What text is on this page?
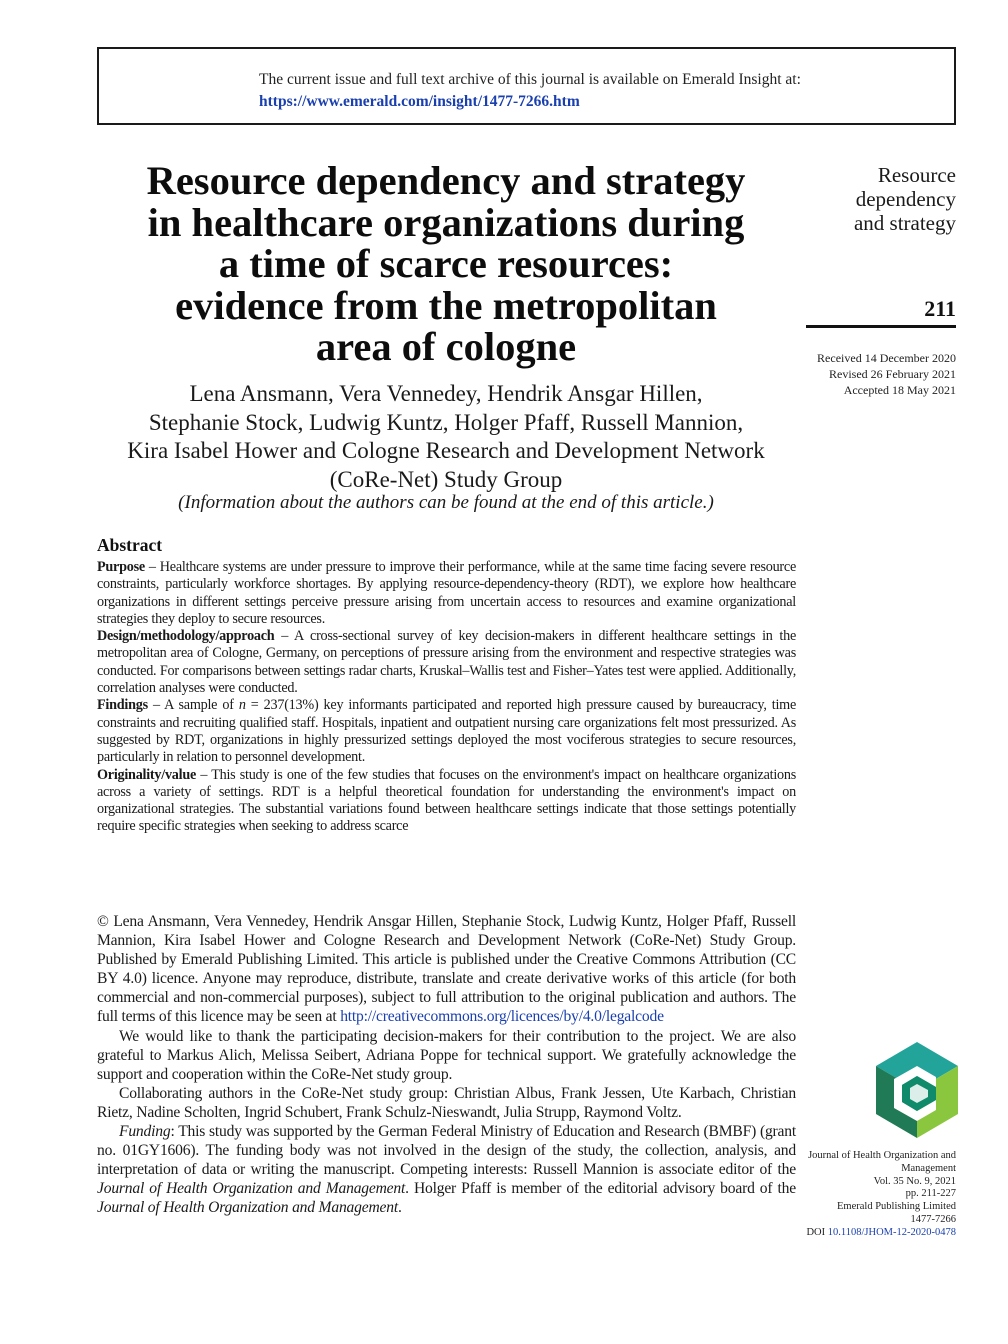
The current issue and full text archive of this journal is available on Emerald Insight at:
https://www.emerald.com/insight/1477-7266.htm
Resource dependency and strategy
in healthcare organizations during
a time of scarce resources:
evidence from the metropolitan
area of cologne
Lena Ansmann, Vera Vennedey, Hendrik Ansgar Hillen,
Stephanie Stock, Ludwig Kuntz, Holger Pfaff, Russell Mannion,
Kira Isabel Hower and Cologne Research and Development Network
(CoRe-Net) Study Group
(Information about the authors can be found at the end of this article.)
Resource
dependency
and strategy
211
Received 14 December 2020
Revised 26 February 2021
Accepted 18 May 2021
Abstract
Purpose – Healthcare systems are under pressure to improve their performance, while at the same time facing severe resource constraints, particularly workforce shortages. By applying resource-dependency-theory (RDT), we explore how healthcare organizations in different settings perceive pressure arising from uncertain access to resources and examine organizational strategies they deploy to secure resources.
Design/methodology/approach – A cross-sectional survey of key decision-makers in different healthcare settings in the metropolitan area of Cologne, Germany, on perceptions of pressure arising from the environment and respective strategies was conducted. For comparisons between settings radar charts, Kruskal–Wallis test and Fisher–Yates test were applied. Additionally, correlation analyses were conducted.
Findings – A sample of n = 237(13%) key informants participated and reported high pressure caused by bureaucracy, time constraints and recruiting qualified staff. Hospitals, inpatient and outpatient nursing care organizations felt most pressurized. As suggested by RDT, organizations in highly pressurized settings deployed the most vociferous strategies to secure resources, particularly in relation to personnel development.
Originality/value – This study is one of the few studies that focuses on the environment's impact on healthcare organizations across a variety of settings. RDT is a helpful theoretical foundation for understanding the environment's impact on organizational strategies. The substantial variations found between healthcare settings indicate that those settings potentially require specific strategies when seeking to address scarce

© Lena Ansmann, Vera Vennedey, Hendrik Ansgar Hillen, Stephanie Stock, Ludwig Kuntz, Holger Pfaff, Russell Mannion, Kira Isabel Hower and Cologne Research and Development Network (CoRe-Net) Study Group. Published by Emerald Publishing Limited. This article is published under the Creative Commons Attribution (CC BY 4.0) licence. Anyone may reproduce, distribute, translate and create derivative works of this article (for both commercial and non-commercial purposes), subject to full attribution to the original publication and authors. The full terms of this licence may be seen at http://creativecommons.org/licences/by/4.0/legalcode

We would like to thank the participating decision-makers for their contribution to the project. We are also grateful to Markus Alich, Melissa Seibert, Adriana Poppe for technical support. We gratefully acknowledge the support and cooperation within the CoRe-Net study group.

Collaborating authors in the CoRe-Net study group: Christian Albus, Frank Jessen, Ute Karbach, Christian Rietz, Nadine Scholten, Ingrid Schubert, Frank Schulz-Nieswandt, Julia Strupp, Raymond Voltz.

Funding: This study was supported by the German Federal Ministry of Education and Research (BMBF) (grant no. 01GY1606). The funding body was not involved in the design of the study, the collection, analysis, and interpretation of data or writing the manuscript. Competing interests: Russell Mannion is associate editor of the Journal of Health Organization and Management. Holger Pfaff is member of the editorial advisory board of the Journal of Health Organization and Management.

Journal of Health Organization and
Management
Vol. 35 No. 9, 2021
pp. 211-227
Emerald Publishing Limited
1477-7266
DOI 10.1108/JHOM-12-2020-0478
